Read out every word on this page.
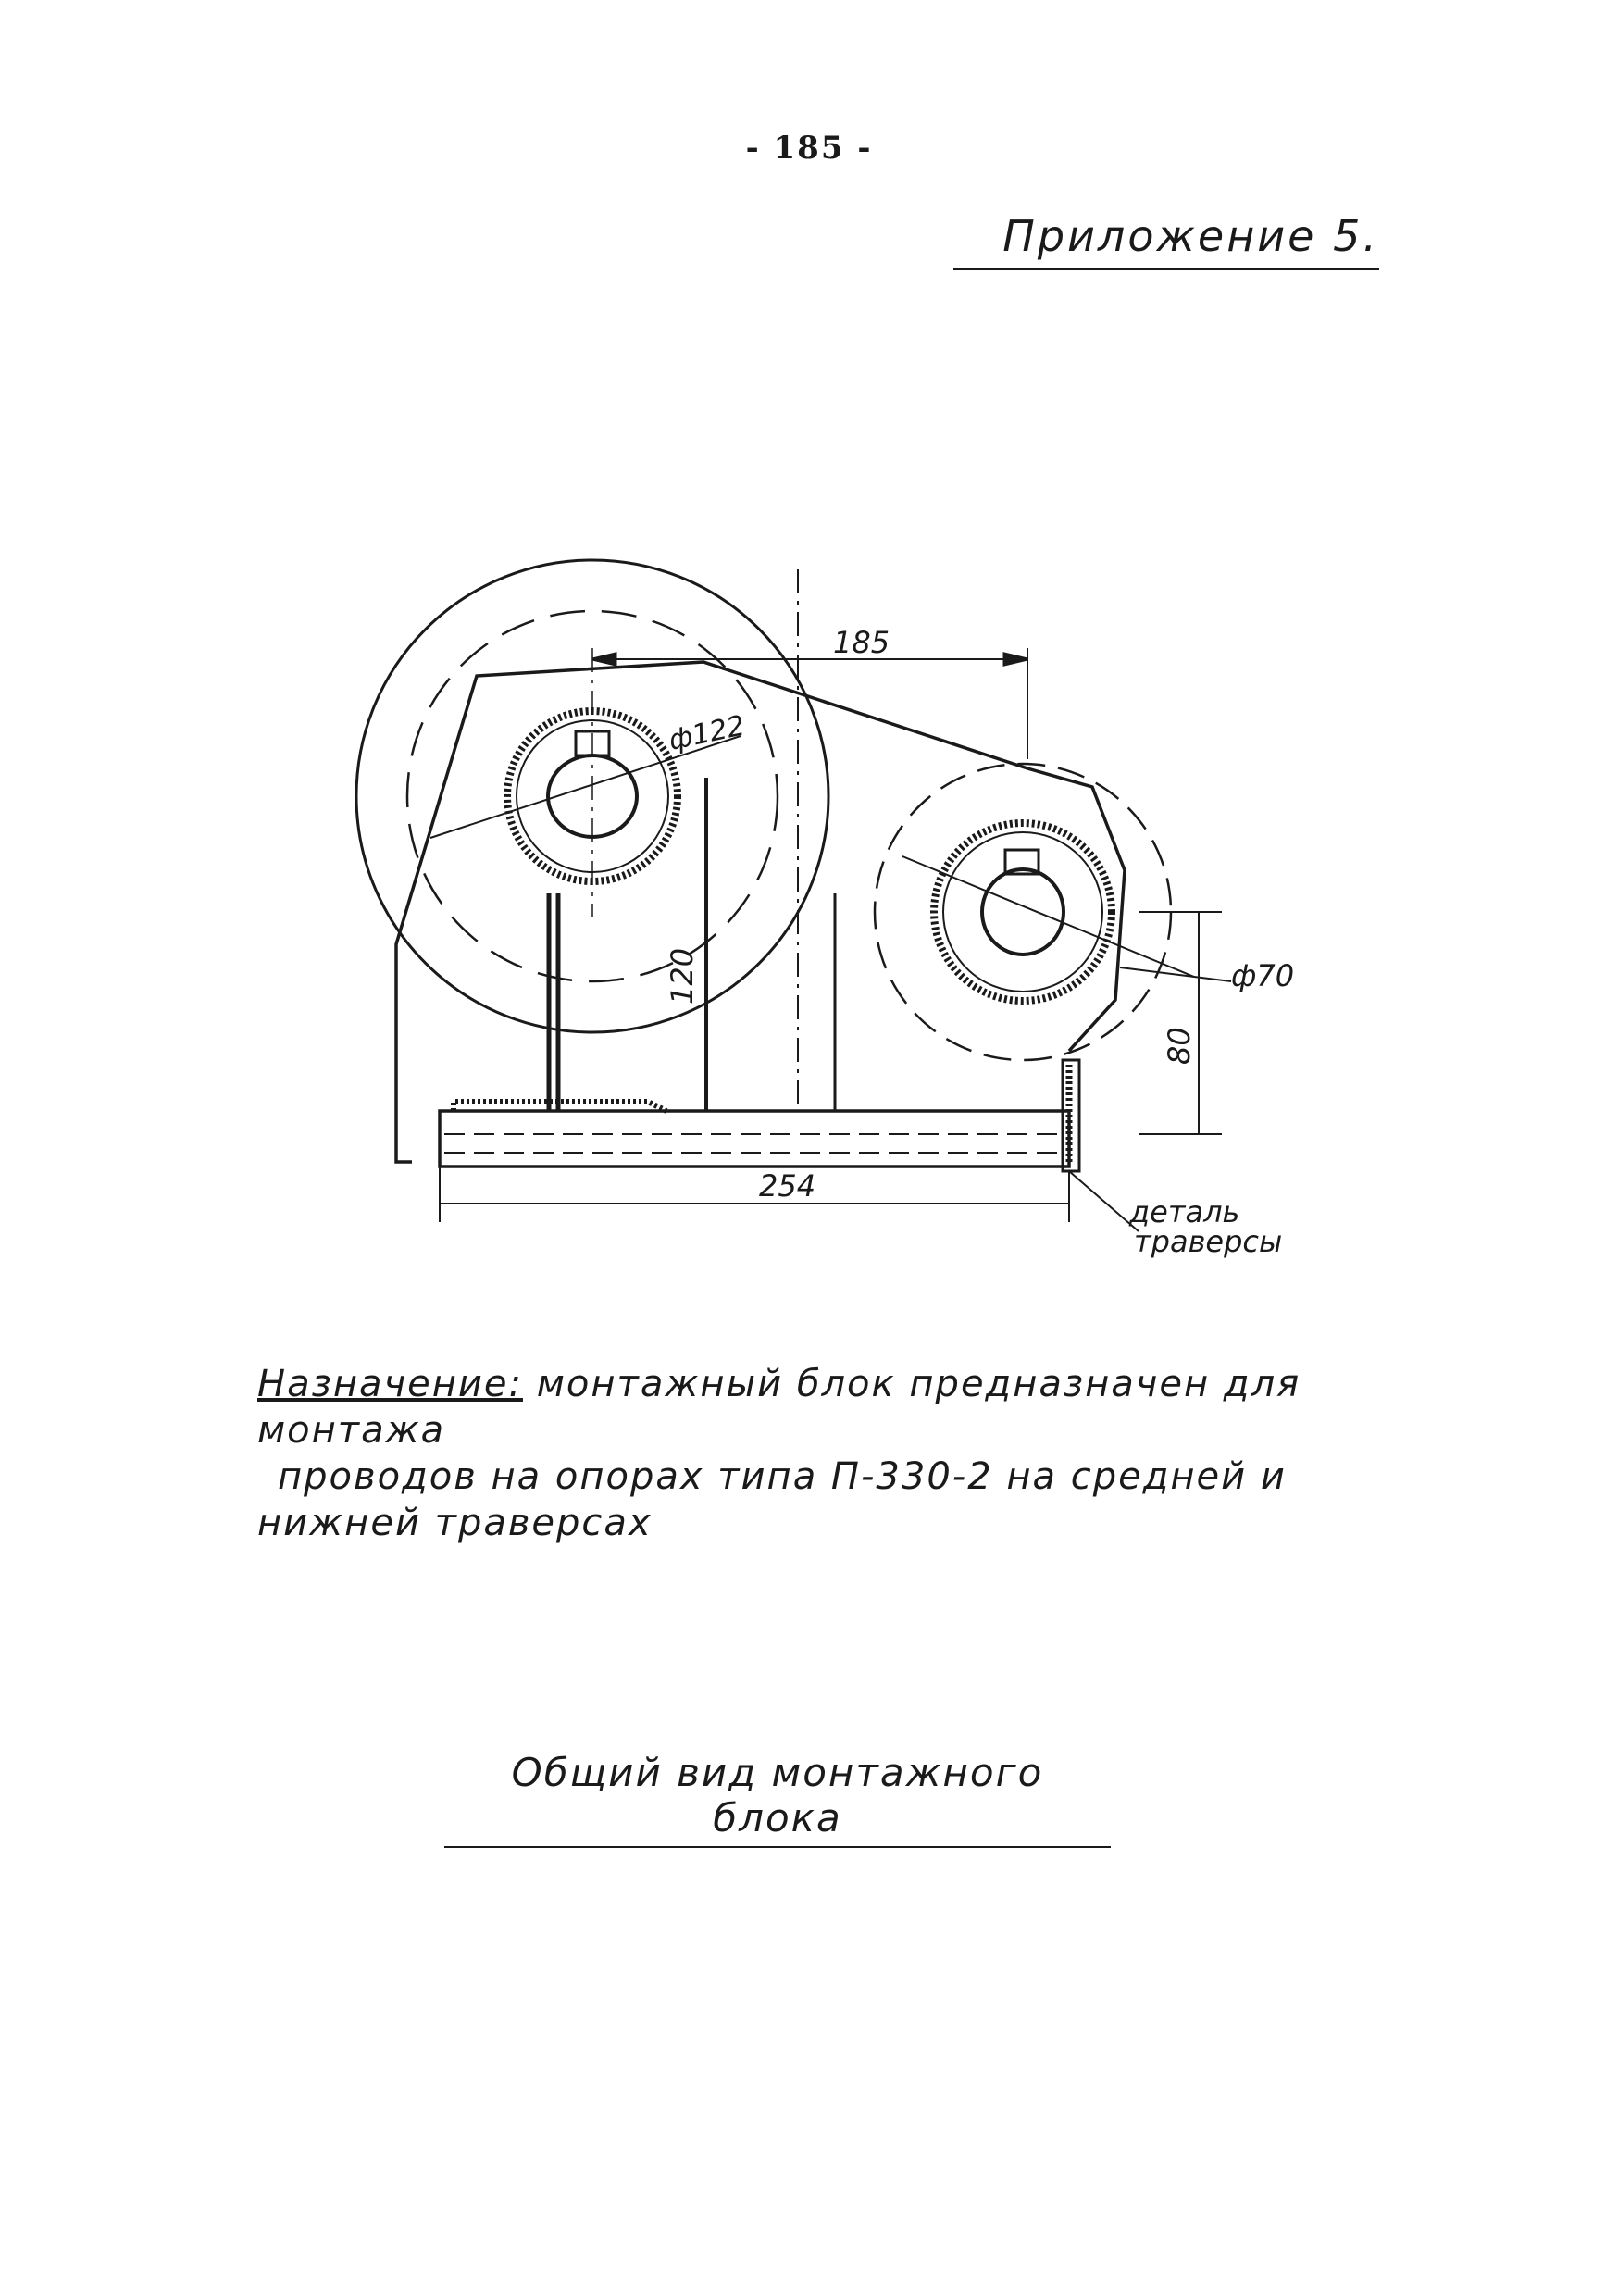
- 185 -
Приложение 5.
185
ф122
120	ф70
80
254
деталь
траверсы
Назначение: монтажный блок предназначен для монтажа
проводов на опорах типа П-330-2 на средней и
нижней траверсах
Общий вид монтажного блока
